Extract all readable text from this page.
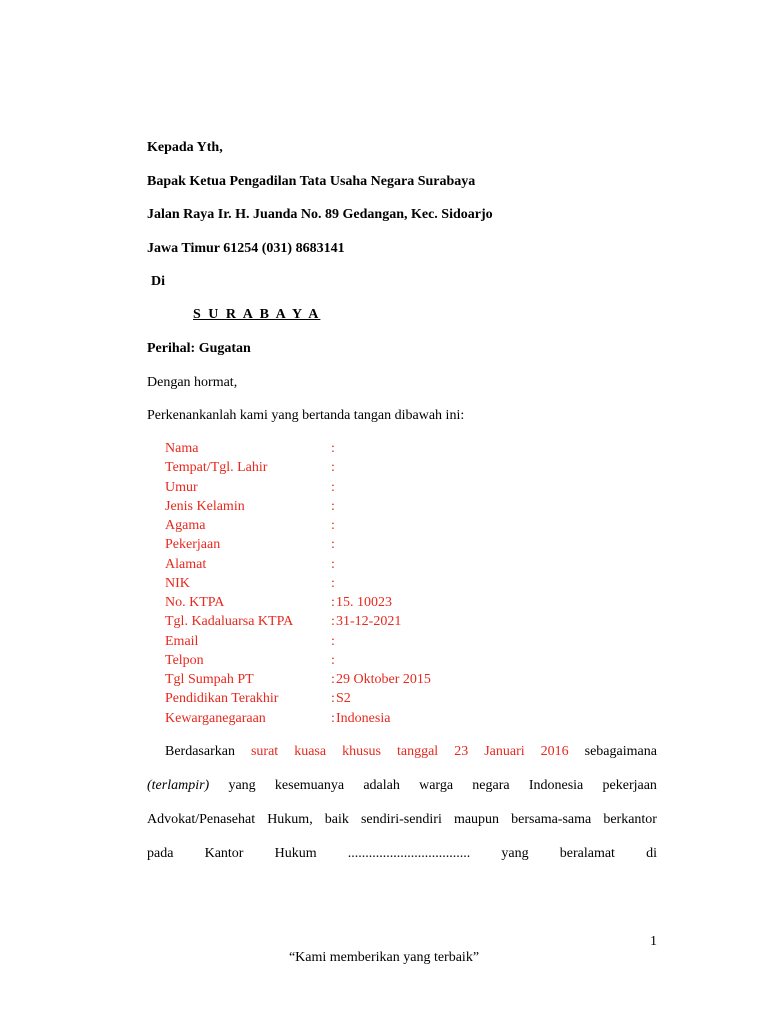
Kepada Yth,
Bapak Ketua Pengadilan Tata Usaha Negara Surabaya
Jalan Raya Ir. H. Juanda No. 89 Gedangan, Kec. Sidoarjo
Jawa Timur 61254 (031) 8683141
Di
S U R A B A Y A
Perihal: Gugatan
Dengan hormat,
Perkenankanlah kami yang bertanda tangan dibawah ini:
Nama	:
Tempat/Tgl. Lahir	:
Umur	:
Jenis Kelamin	:
Agama	:
Pekerjaan	:
Alamat	:
NIK	:
No. KTPA	: 15. 10023
Tgl. Kadaluarsa KTPA	: 31-12-2021
Email	:
Telpon	:
Tgl Sumpah PT	: 29 Oktober 2015
Pendidikan Terakhir	: S2
Kewarganegaraan	: Indonesia
Berdasarkan surat kuasa khusus tanggal 23 Januari 2016 sebagaimana
(terlampir) yang kesemuanya adalah warga negara Indonesia pekerjaan
Advokat/Penasehat Hukum, baik sendiri-sendiri maupun bersama-sama berkantor
pada Kantor Hukum ................................... yang beralamat di
1
“Kami memberikan yang terbaik”
